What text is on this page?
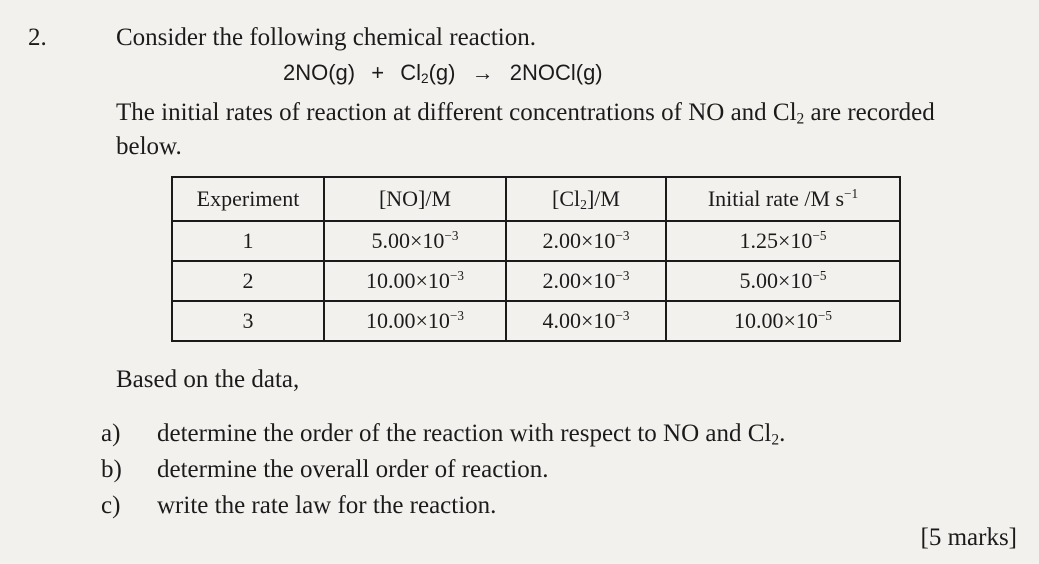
2.	Consider the following chemical reaction.
$2NO(g) + Cl_2(g)$ → 2NOCl(g)
The initial rates of reaction at different concentrations of NO and $Cl_2$ are recorded
below.
Experiment	[NO]/M	$[Cl_2]/M$	Initial rate /M $s^{-1}$
1	$5.00\times 10^{-3}$	$2.00\times 10^{-3}$	$1.25\times 10^{-5}$
2	$10.00\times 10^{-3}$	$2.00\times 10^{-3}$	$5.00\times 10^{-5}$
3	$10.00\times 10^{-3}$	$4.00\times 10^{-3}$	$10.00\times 10^{-5}$
Based on the data,
a)	determine the order of the reaction with respect to NO and $Cl_2$.
b)	determine the overall order of reaction.
c)	write the rate law for the reaction.
[5 marks]
